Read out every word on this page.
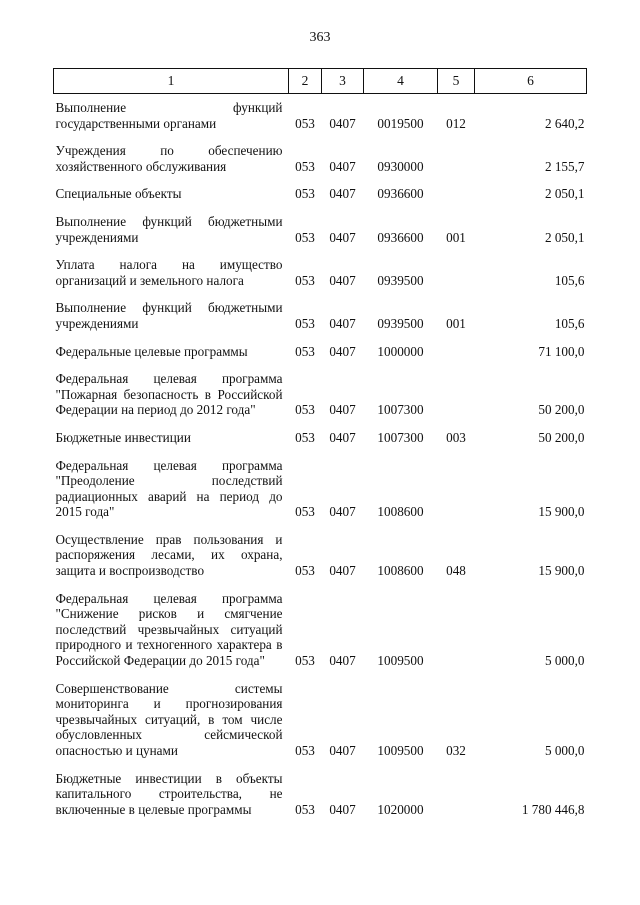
363
1	2	3	4	5	6
Выполнение функций государственными органами	053	0407	0019500	012	2 640,2
Учреждения по обеспечению хозяйственного обслуживания	053	0407	0930000		2 155,7
Специальные объекты	053	0407	0936600		2 050,1
Выполнение функций бюджетными учреждениями	053	0407	0936600	001	2 050,1
Уплата налога на имущество организаций и земельного налога	053	0407	0939500		105,6
Выполнение функций бюджетными учреждениями	053	0407	0939500	001	105,6
Федеральные целевые программы	053	0407	1000000		71 100,0
Федеральная целевая программа "Пожарная безопасность в Российской Федерации на период до 2012 года"	053	0407	1007300		50 200,0
Бюджетные инвестиции	053	0407	1007300	003	50 200,0
Федеральная целевая программа "Преодоление последствий радиационных аварий на период до 2015 года"	053	0407	1008600		15 900,0
Осуществление прав пользования и распоряжения лесами, их охрана, защита и воспроизводство	053	0407	1008600	048	15 900,0
Федеральная целевая программа "Снижение рисков и смягчение последствий чрезвычайных ситуаций природного и техногенного характера в Российской Федерации до 2015 года"	053	0407	1009500		5 000,0
Совершенствование системы мониторинга и прогнозирования чрезвычайных ситуаций, в том числе обусловленных сейсмической опасностью и цунами	053	0407	1009500	032	5 000,0
Бюджетные инвестиции в объекты капитального строительства, не включенные в целевые программы	053	0407	1020000		1 780 446,8
